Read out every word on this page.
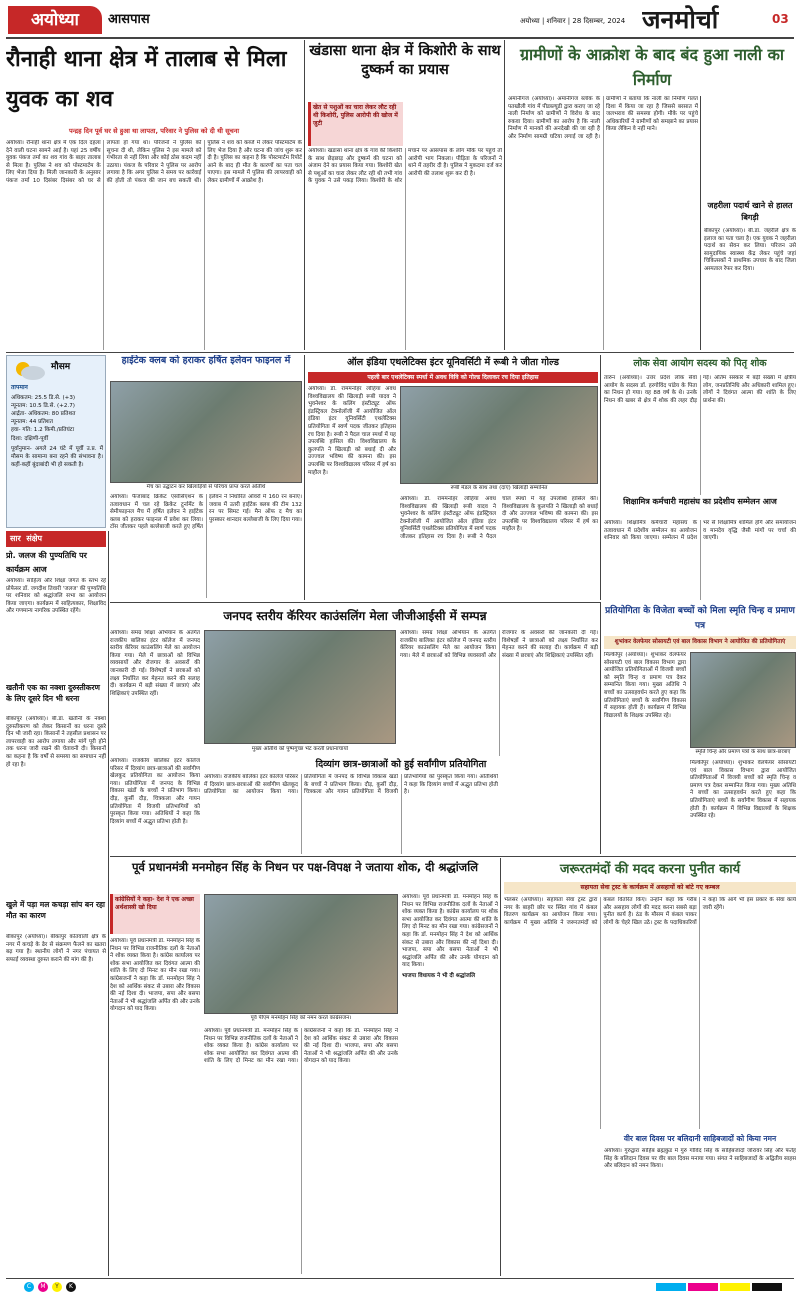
अयोध्या	आसपास	अयोध्या | शनिवार | 28 दिसम्बर, 2024 जनमोर्चा	03
रौनाही थाना क्षेत्र में तालाब से मिला युवक का शव
पन्द्रह दिन पूर्व घर से हुआ था लापता, परिवार ने पुलिस को दी थी सूचना
अयोध्या। रौनाही थाना क्षेत्र में एक दिल दहला देने वाली घटना सामने आई है। यहां 25 वर्षीय युवक पंकज तर्मा का शव गांव के बाहर तालाब से मिला है। पुलिस ने शव को पोस्टमार्टम के लिए भेजा दिया है। मिली जानकारी के अनुसार पंकज तर्मा 10 दिसंबर दिसंबर को घर से लापता हो गया था। परिजनों ने पुलिस को सूचना दी थी, लेकिन पुलिस ने इस मामले को गंभीरता से नहीं लिया और कोई ठोस कदम नहीं उठाया। पंकज के परिवार ने पुलिस पर आरोप लगाया है कि अगर पुलिस ने समय पर कार्रवाई की होती तो पंकज की जान बच सकती थी। पुलिस ने शव को कब्जे में लेकर पोस्टमार्टम के लिए भेज दिया है और घटना की जांच शुरू कर दी है। पुलिस का कहना है कि पोस्टमार्टम रिपोर्ट आने के बाद ही मौत के कारणों का पता चल पाएगा। इस मामले में पुलिस की लापरवाही को लेकर ग्रामीणों में आक्रोश है।
खंडासा थाना क्षेत्र में किशोरी के साथ दुष्कर्म का प्रयास
खेत से पशुओं का चारा लेकर लौट रही थी किशोरी, पुलिस आरोपी की खोज में जुटी
अयोध्या। खंडासा थाना क्षेत्र के गांव की किशोरी के साथ छेड़छाड़ और दुष्कर्म की घटना को अंजाम देने का प्रयास किया गया। किशोरी खेत से पशुओं का चारा लेकर लौट रही थी तभी गांव के युवक ने उसे पकड़ लिया। किशोरी के शोर मचाने पर आसपास के लोग मौके पर पहुंचे तो आरोपी भाग निकला। पीड़िता के परिजनों ने थाने में तहरीर दी है। पुलिस ने मुकदमा दर्ज कर आरोपी की तलाश शुरू कर दी है।
ग्रामीणों के आक्रोश के बाद बंद हुआ नाली का निर्माण
अमानीगंज (अयोध्या)। अमानीगंज ब्लॉक के पतखौली गांव में पीडब्ल्यूडी द्वारा कराए जा रहे नाली निर्माण को ग्रामीणों ने विरोध के बाद रुकवा दिया। ग्रामीणों का आरोप है कि नाली निर्माण में मानकों की अनदेखी की जा रही है और निर्माण सामग्री घटिया लगाई जा रही है। ग्रामीणों ने बताया कि नाली का निर्माण गलत दिशा में किया जा रहा है जिससे बरसात में जलभराव की समस्या होगी। मौके पर पहुंचे अधिकारियों ने ग्रामीणों को समझाने का प्रयास किया लेकिन वे नहीं माने।
जहरीला पदार्थ खाने से हालत बिगड़ी
बीकापुर (अयोध्या)। बी.डा. जहरीले क्षेत्र के इलाज का पता चला है। एक युवक ने जहरीला पदार्थ का सेवन कर लिया। परिजन उसे सामुदायिक स्वास्थ्य केंद्र लेकर पहुंचे जहां चिकित्सकों ने प्राथमिक उपचार के बाद जिला अस्पताल रेफर कर दिया।
मौसम
तापमान
अधिकतम: 25.5 डि.से. (+3)
न्यूनतम: 10.5 डि.से. (+2.7)
आर्द्रता- अधिकतम: 80 प्रतिशत
न्यूनतम: 44 प्रतिशत
हवा- गति: 1.2 किमी./प्रतिघंटा
दिशा: दक्षिणी-पूर्वी
पूर्वानुमान- अगले 24 घंटे में पूर्वी उ.प्र. में मौसम के सामान्य बना रहने की संभावना है। कहीं-कहीं बूंदाबांदी भी हो सकती है।
हाईटेक क्लब को हराकर हर्षित इलेवन फाइनल में
मैच का उद्घाटन कर खिलाड़ियों से परिचय प्राप्त करते अतिथि
अयोध्या। फैजाबाद क्रिकेट एसोसिएशन के तत्वावधान में चल रहे क्रिकेट टूर्नामेंट के सेमीफाइनल मैच में हर्षित इलेवन ने हाईटेक क्लब को हराकर फाइनल में प्रवेश कर लिया। टॉस जीतकर पहले बल्लेबाजी करते हुए हर्षित इलेवन ने निर्धारित ओवरों में 160 रन बनाए। जवाब में उतरी हाईटेक क्लब की टीम 132 रन पर सिमट गई। मैन ऑफ द मैच का पुरस्कार शानदार बल्लेबाजी के लिए दिया गया।
ऑल इंडिया एथलेटिक्स इंटर यूनिवर्सिटी में रूबी ने जीता गोल्ड
पहली बार एथलेटिक्स स्पर्धा में अवध विवि को गोल्ड दिलाकर रच दिया इतिहास
रूबी मेडल के साथ तथा (दाएं) खिलाड़ी सम्मानित
अयोध्या। डॉ. राममनोहर लोहिया अवध विश्वविद्यालय की खिलाड़ी रूबी यादव ने भुवनेश्वर के कलिंग इंस्टीट्यूट ऑफ इंडस्ट्रियल टेक्नोलॉजी में आयोजित ऑल इंडिया इंटर यूनिवर्सिटी एथलेटिक्स प्रतियोगिता में स्वर्ण पदक जीतकर इतिहास रच दिया है। रूबी ने पैदल चाल स्पर्धा में यह उपलब्धि हासिल की। विश्वविद्यालय के कुलपति ने खिलाड़ी को बधाई दी और उज्ज्वल भविष्य की कामना की। इस उपलब्धि पर विश्वविद्यालय परिसर में हर्ष का माहौल है।
अयोध्या। डॉ. राममनोहर लोहिया अवध विश्वविद्यालय की खिलाड़ी रूबी यादव ने भुवनेश्वर के कलिंग इंस्टीट्यूट ऑफ इंडस्ट्रियल टेक्नोलॉजी में आयोजित ऑल इंडिया इंटर यूनिवर्सिटी एथलेटिक्स प्रतियोगिता में स्वर्ण पदक जीतकर इतिहास रच दिया है। रूबी ने पैदल चाल स्पर्धा में यह उपलब्धि हासिल की। विश्वविद्यालय के कुलपति ने खिलाड़ी को बधाई दी और उज्ज्वल भविष्य की कामना की। इस उपलब्धि पर विश्वविद्यालय परिसर में हर्ष का माहौल है।
लोक सेवा आयोग सदस्य को पितृ शोक
तारुन (अयोध्या)। उत्तर प्रदेश लोक सेवा आयोग के सदस्य डॉ. हरगोविंद पांडेय के पिता का निधन हो गया। वह 88 वर्ष के थे। उनके निधन की खबर से क्षेत्र में शोक की लहर दौड़ गई। अंतिम संस्कार में बड़ी संख्या में क्षेत्रीय लोग, जनप्रतिनिधि और अधिकारी शामिल हुए। लोगों ने दिवंगत आत्मा की शांति के लिए प्रार्थना की।
शिक्षामित्र कर्मचारी महासंघ का प्रदेशीय सम्मेलन आज
अयोध्या। शिक्षामित्र कर्मचारी महासंघ के तत्वावधान में प्रदेशीय सम्मेलन का आयोजन शनिवार को किया जाएगा। सम्मेलन में प्रदेश भर से शिक्षामित्र शामिल होंगे और समायोजन व मानदेय वृद्धि जैसी मांगों पर चर्चा की जाएगी।
सार संक्षेप
प्रो. जलज की पुण्यतिथि पर कार्यक्रम आज
अयोध्या। साहित्य और शिक्षा जगत के स्तंभ रहे प्रोफेसर डॉ. जगदीश तिवारी 'जलज' की पुण्यतिथि पर शनिवार को श्रद्धांजलि सभा का आयोजन किया जाएगा। कार्यक्रम में साहित्यकार, शिक्षाविद और गणमान्य नागरिक उपस्थित रहेंगे।
खतौनी एक का नक्शा दुरुस्तीकरण के लिए दूसरे दिन भी धरना
बीकापुर (अयोध्या)। बी.डा. खतौनी के नक्शा दुरुस्तीकरण को लेकर किसानों का धरना दूसरे दिन भी जारी रहा। किसानों ने तहसील प्रशासन पर लापरवाही का आरोप लगाया और मांगें पूरी होने तक धरना जारी रखने की चेतावनी दी। किसानों का कहना है कि वर्षों से समस्या का समाधान नहीं हो रहा है।
खुले में पड़ा मल कचड़ा सांप बन रहा मौत का कारण
बीकापुर (अयोध्या)। बीकापुर कोतवाली क्षेत्र के नगर में कचड़े के ढेर से संक्रमण फैलने का खतरा बढ़ गया है। स्थानीय लोगों ने नगर पंचायत से सफाई व्यवस्था दुरुस्त कराने की मांग की है।
जनपद स्तरीय कॅरियर काउंसलिंग मेला जीजीआईसी में सम्पन्न
अयोध्या। समग्र शिक्षा अभियान के अंतर्गत राजकीय बालिका इंटर कॉलेज में जनपद स्तरीय कॅरियर काउंसलिंग मेले का आयोजन किया गया। मेले में छात्राओं को विभिन्न व्यवसायों और रोजगार के अवसरों की जानकारी दी गई। विशेषज्ञों ने छात्राओं को लक्ष्य निर्धारित कर मेहनत करने की सलाह दी। कार्यक्रम में बड़ी संख्या में छात्राएं और शिक्षिकाएं उपस्थित रहीं।
मुख्य अतिथि को पुष्पगुच्छ भेंट करती प्रधानाचार्या
अयोध्या। समग्र शिक्षा अभियान के अंतर्गत राजकीय बालिका इंटर कॉलेज में जनपद स्तरीय कॅरियर काउंसलिंग मेले का आयोजन किया गया। मेले में छात्राओं को विभिन्न व्यवसायों और रोजगार के अवसरों की जानकारी दी गई। विशेषज्ञों ने छात्राओं को लक्ष्य निर्धारित कर मेहनत करने की सलाह दी। कार्यक्रम में बड़ी संख्या में छात्राएं और शिक्षिकाएं उपस्थित रहीं।
दिव्यांग छात्र-छात्राओं को हुई सर्वांगीण प्रतियोगिता
अयोध्या। राजकीय बालिका इंटर कॉलेज परिसर में दिव्यांग छात्र-छात्राओं की सर्वांगीण खेलकूद प्रतियोगिता का आयोजन किया गया। प्रतियोगिता में जनपद के विभिन्न विकास खंडों के बच्चों ने प्रतिभाग किया। दौड़, कुर्सी दौड़, चित्रकला और गायन प्रतियोगिता में विजयी प्रतिभागियों को पुरस्कृत किया गया। अतिथियों ने कहा कि दिव्यांग बच्चों में अद्भुत प्रतिभा होती है।
अयोध्या। राजकीय बालिका इंटर कॉलेज परिसर में दिव्यांग छात्र-छात्राओं की सर्वांगीण खेलकूद प्रतियोगिता का आयोजन किया गया। प्रतियोगिता में जनपद के विभिन्न विकास खंडों के बच्चों ने प्रतिभाग किया। दौड़, कुर्सी दौड़, चित्रकला और गायन प्रतियोगिता में विजयी प्रतिभागियों को पुरस्कृत किया गया। अतिथियों ने कहा कि दिव्यांग बच्चों में अद्भुत प्रतिभा होती है।
प्रतियोगिता के विजेता बच्चों को मिला स्मृति चिन्ह व प्रमाण पत्र
शुभांकर वेलफेयर सोसायटी एवं बाल विकास विभाग ने आयोजित की प्रतियोगिताएं
स्मृति चिन्ह और प्रमाण पत्रों के साथ छात्र-छात्राएं
मिल्कीपुर (अयोध्या)। शुभांकर वेलफेयर सोसायटी एवं बाल विकास विभाग द्वारा आयोजित प्रतियोगिताओं में विजयी बच्चों को स्मृति चिन्ह व प्रमाण पत्र देकर सम्मानित किया गया। मुख्य अतिथि ने बच्चों का उत्साहवर्धन करते हुए कहा कि प्रतियोगिताएं बच्चों के सर्वांगीण विकास में सहायक होती हैं। कार्यक्रम में विभिन्न विद्यालयों के शिक्षक उपस्थित रहे।
मिल्कीपुर (अयोध्या)। शुभांकर वेलफेयर सोसायटी एवं बाल विकास विभाग द्वारा आयोजित प्रतियोगिताओं में विजयी बच्चों को स्मृति चिन्ह व प्रमाण पत्र देकर सम्मानित किया गया। मुख्य अतिथि ने बच्चों का उत्साहवर्धन करते हुए कहा कि प्रतियोगिताएं बच्चों के सर्वांगीण विकास में सहायक होती हैं। कार्यक्रम में विभिन्न विद्यालयों के शिक्षक उपस्थित रहे।
पूर्व प्रधानमंत्री मनमोहन सिंह के निधन पर पक्ष-विपक्ष ने जताया शोक, दी श्रद्धांजलि
कांग्रेसियों ने कहा- देश ने एक अच्छा अर्थशास्त्री खो दिया
अयोध्या। पूर्व प्रधानमंत्री डॉ. मनमोहन सिंह के निधन पर विभिन्न राजनीतिक दलों के नेताओं ने शोक व्यक्त किया है। कांग्रेस कार्यालय पर शोक सभा आयोजित कर दिवंगत आत्मा की शांति के लिए दो मिनट का मौन रखा गया। कांग्रेसजनों ने कहा कि डॉ. मनमोहन सिंह ने देश को आर्थिक संकट से उबारा और विकास की नई दिशा दी। भाजपा, सपा और बसपा नेताओं ने भी श्रद्धांजलि अर्पित की और उनके योगदान को याद किया।
पूर्व पीएम मनमोहन सिंह को नमन करते कांग्रेसजन।
अयोध्या। पूर्व प्रधानमंत्री डॉ. मनमोहन सिंह के निधन पर विभिन्न राजनीतिक दलों के नेताओं ने शोक व्यक्त किया है। कांग्रेस कार्यालय पर शोक सभा आयोजित कर दिवंगत आत्मा की शांति के लिए दो मिनट का मौन रखा गया। कांग्रेसजनों ने कहा कि डॉ. मनमोहन सिंह ने देश को आर्थिक संकट से उबारा और विकास की नई दिशा दी। भाजपा, सपा और बसपा नेताओं ने भी श्रद्धांजलि अर्पित की और उनके योगदान को याद किया।
अयोध्या। पूर्व प्रधानमंत्री डॉ. मनमोहन सिंह के निधन पर विभिन्न राजनीतिक दलों के नेताओं ने शोक व्यक्त किया है। कांग्रेस कार्यालय पर शोक सभा आयोजित कर दिवंगत आत्मा की शांति के लिए दो मिनट का मौन रखा गया। कांग्रेसजनों ने कहा कि डॉ. मनमोहन सिंह ने देश को आर्थिक संकट से उबारा और विकास की नई दिशा दी। भाजपा, सपा और बसपा नेताओं ने भी श्रद्धांजलि अर्पित की और उनके योगदान को याद किया।
भाजपा विधायक ने भी दी श्रद्धांजलि
जरूरतमंदों की मदद करना पुनीत कार्य
सहायता सेवा ट्रस्ट के कार्यक्रम में असहायों को बांटे गए कम्बल
भेलसर (अयोध्या)। सहायता सेवा ट्रस्ट द्वारा नगर के बाहरी छोर पर स्थित गांव में कंबल वितरण कार्यक्रम का आयोजन किया गया। कार्यक्रम में मुख्य अतिथि ने जरूरतमंदों को कंबल वितरित किए। उन्होंने कहा कि गरीब और असहाय लोगों की मदद करना सबसे बड़ा पुनीत कार्य है। ठंड के मौसम में कंबल पाकर लोगों के चेहरे खिल उठे। ट्रस्ट के पदाधिकारियों ने कहा कि आगे भी इस प्रकार के सेवा कार्य जारी रहेंगे।
वीर बाल दिवस पर बलिदानी साहिबजादों को किया नमन
अयोध्या। गुरुद्वारा साहिब ब्रह्मकुंड में गुरु गोविंद सिंह के साहिबजादों जोरावर सिंह और फतेह सिंह के बलिदान दिवस पर वीर बाल दिवस मनाया गया। संगत ने साहिबजादों के अद्वितीय साहस और बलिदान को नमन किया।
C	M	Y	K
